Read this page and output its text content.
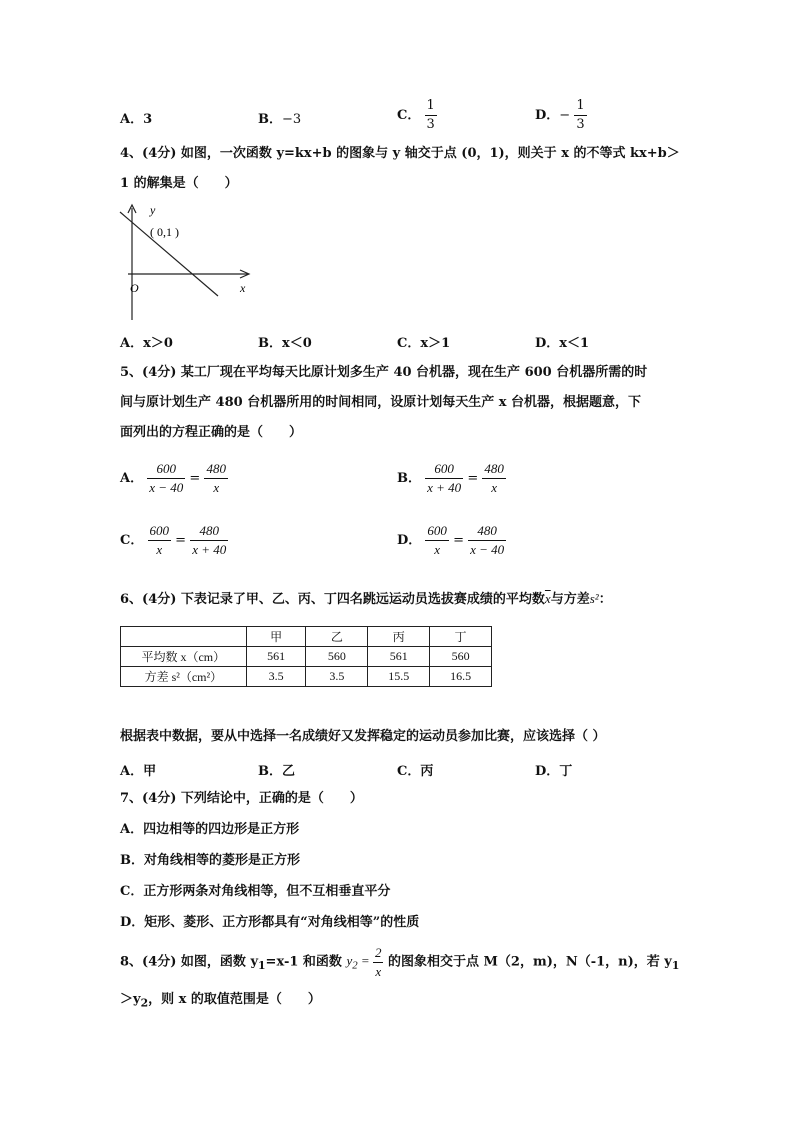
A．3	B．−3	C． $\frac{1}{3}$	D．− $\frac{1}{3}$
4、(4分) 如图，一次函数 y=kx+b 的图象与 y 轴交于点 (0，1)，则关于 x 的不等式 kx+b＞
1 的解集是（　　）
y
x
O
( 0,1 )
A．x＞0	B．x＜0	C．x＞1	D．x＜1
5、(4分) 某工厂现在平均每天比原计划多生产 40 台机器，现在生产 600 台机器所需的时
间与原计划生产 480 台机器所用的时间相同，设原计划每天生产 x 台机器，根据题意，下
面列出的方程正确的是（　　）
A． $\frac{600}{x - 40} = \frac{480}{x}$	B． $\frac{600}{x + 40} = \frac{480}{x}$
C． $\frac{600}{x} = \frac{480}{x + 40}$	D． $\frac{600}{x} = \frac{480}{x - 40}$
6、(4分) 下表记录了甲、乙、丙、丁四名跳远运动员选拔赛成绩的平均数$\overline{x}$与方差s²：
	甲	乙	丙	丁
平均数 x（cm）	561	560	561	560
方差 s²（cm²）	3.5	3.5	15.5	16.5
根据表中数据，要从中选择一名成绩好又发挥稳定的运动员参加比赛，应该选择（ ）
A．甲	B．乙	C．丙	D．丁
7、(4分) 下列结论中，正确的是（　　）
A．四边相等的四边形是正方形
B．对角线相等的菱形是正方形
C．正方形两条对角线相等，但不互相垂直平分
D．矩形、菱形、正方形都具有“对角线相等”的性质
8、(4分) 如图，函数 $y_1=x-1$ 和函数 $y_2 = \frac{2}{x}$ 的图象相交于点 M（2，m)，N（-1，n)，若 $y_1$
$>y_2$，则 x 的取值范围是（　　）
